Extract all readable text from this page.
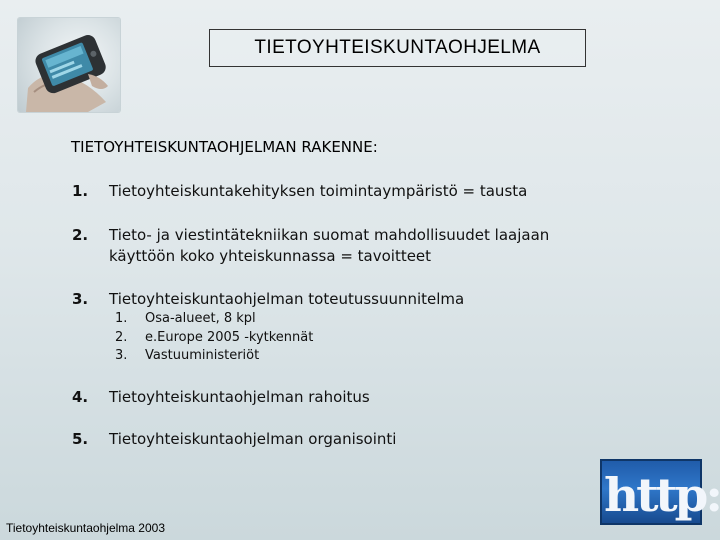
TIETOYHTEISKUNTAOHJELMA
TIETOYHTEISKUNTAOHJELMAN RAKENNE:
1. Tietoyhteiskuntakehityksen toimintaympäristö = tausta
2. Tieto- ja viestintätekniikan suomat mahdollisuudet laajaan
käyttöön koko yhteiskunnassa = tavoitteet
3. Tietoyhteiskuntaohjelman toteutussuunnitelma
1. Osa-alueet, 8 kpl
2. e.Europe 2005 -kytkennät
3. Vastuuministeriöt
4. Tietoyhteiskuntaohjelman rahoitus
5. Tietoyhteiskuntaohjelman organisointi
http:
Tietoyhteiskuntaohjelma 2003
